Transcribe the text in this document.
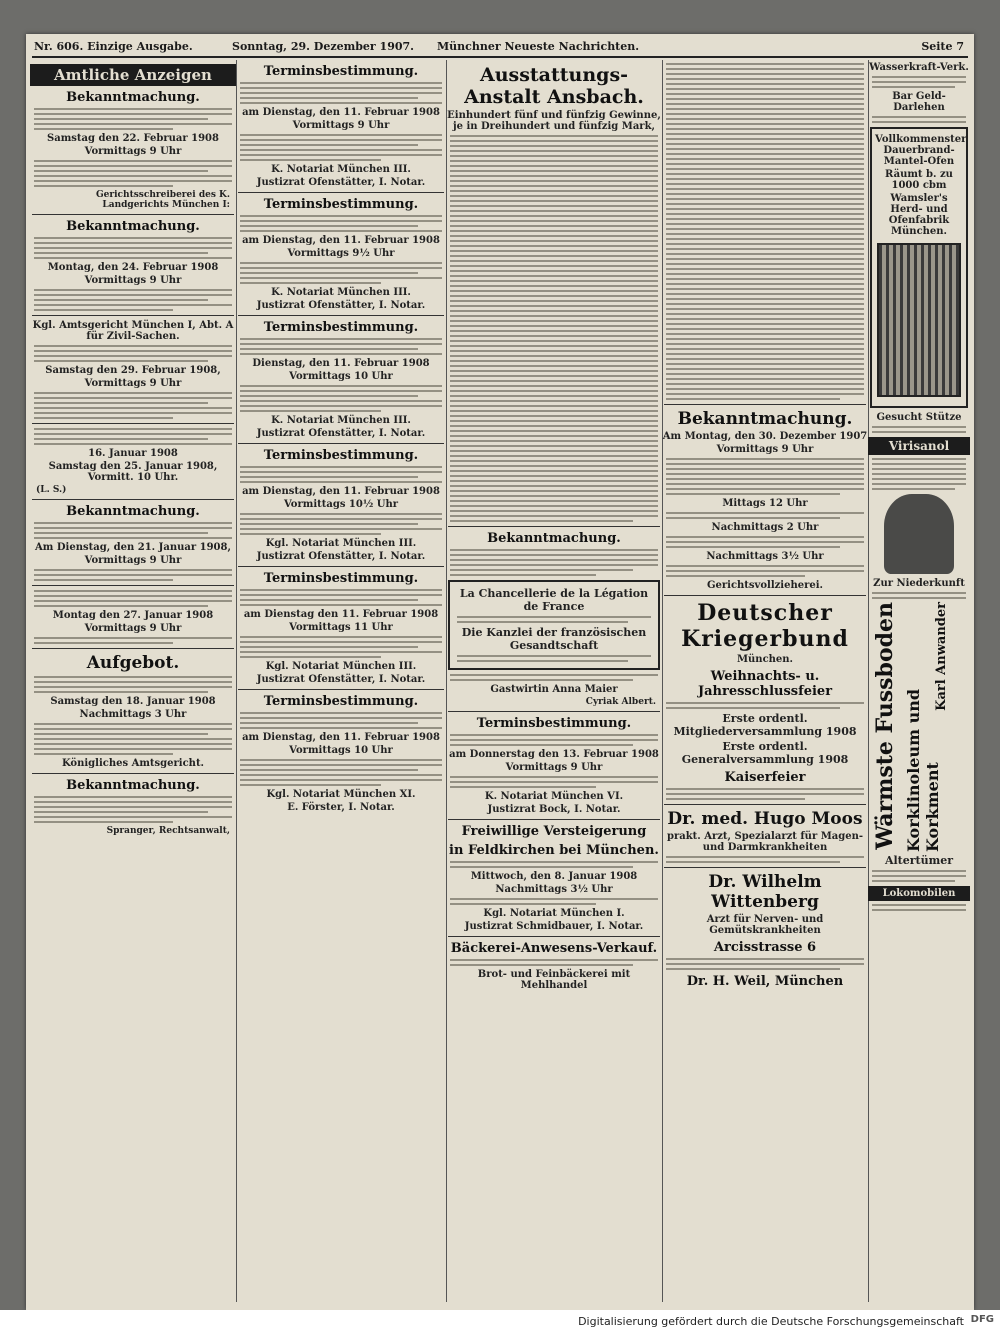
Nr. 606. Einzige Ausgabe.	Sonntag, 29. Dezember 1907. Münchner Neueste Nachrichten.	Seite 7
Amtliche Anzeigen
Bekanntmachung.
Samstag den 22. Februar 1908
Vormittags 9 Uhr
Gerichtsschreiberei des K. Landgerichts München I:
Bekanntmachung.
Montag, den 24. Februar 1908
Vormittags 9 Uhr
Kgl. Amtsgericht München I, Abt. A für Zivil-Sachen.
Samstag den 29. Februar 1908,
Vormittags 9 Uhr
16. Januar 1908
Samstag den 25. Januar 1908, Vormitt. 10 Uhr.
(L. S.)
Bekanntmachung.
Am Dienstag, den 21. Januar 1908,
Vormittags 9 Uhr
Montag den 27. Januar 1908
Vormittags 9 Uhr
Aufgebot.
Samstag den 18. Januar 1908
Nachmittags 3 Uhr
Königliches Amtsgericht.
Bekanntmachung.
Spranger, Rechtsanwalt,
Terminsbestimmung.
am Dienstag, den 11. Februar 1908
Vormittags 9 Uhr
K. Notariat München III.
Justizrat Ofenstätter, I. Notar.
Terminsbestimmung.
am Dienstag, den 11. Februar 1908
Vormittags 9½ Uhr
K. Notariat München III.
Justizrat Ofenstätter, I. Notar.
Terminsbestimmung.
Dienstag, den 11. Februar 1908
Vormittags 10 Uhr
K. Notariat München III.
Justizrat Ofenstätter, I. Notar.
Terminsbestimmung.
am Dienstag, den 11. Februar 1908
Vormittags 10½ Uhr
Kgl. Notariat München III.
Justizrat Ofenstätter, I. Notar.
Terminsbestimmung.
am Dienstag den 11. Februar 1908
Vormittags 11 Uhr
Kgl. Notariat München III.
Justizrat Ofenstätter, I. Notar.
Terminsbestimmung.
am Dienstag, den 11. Februar 1908
Vormittags 10 Uhr
Kgl. Notariat München XI.
E. Förster, I. Notar.
Ausstattungs-Anstalt Ansbach.
Einhundert fünf und fünfzig Gewinne, je in Dreihundert und fünfzig Mark,
Bekanntmachung.
La Chancellerie de la Légation de France
Die Kanzlei der französischen Gesandtschaft
Gastwirtin Anna Maier
Cyriak Albert.
Terminsbestimmung.
am Donnerstag den 13. Februar 1908
Vormittags 9 Uhr
K. Notariat München VI.
Justizrat Bock, I. Notar.
Freiwillige Versteigerung
in Feldkirchen bei München.
Mittwoch, den 8. Januar 1908
Nachmittags 3½ Uhr
Kgl. Notariat München I.
Justizrat Schmidbauer, I. Notar.
Bäckerei-Anwesens-Verkauf.
Brot- und Feinbäckerei mit Mehlhandel
Bekanntmachung.
Am Montag, den 30. Dezember 1907
Vormittags 9 Uhr
Mittags 12 Uhr
Nachmittags 2 Uhr
Nachmittags 3½ Uhr
Gerichtsvollzieherei.
Deutscher Kriegerbund
München.
Weihnachts- u. Jahresschlussfeier
Erste ordentl. Mitgliederversammlung 1908
Erste ordentl. Generalversammlung 1908
Kaiserfeier
Dr. med. Hugo Moos
prakt. Arzt, Spezialarzt für Magen- und Darmkrankheiten
Dr. Wilhelm Wittenberg
Arzt für Nerven- und Gemütskrankheiten
Arcisstrasse 6
Dr. H. Weil, München
Wasserkraft-Verk.
Bar Geld-Darlehen
Vollkommenster Dauerbrand-Mantel-Ofen
Räumt b. zu 1000 cbm
Wamsler's Herd- und Ofenfabrik München.
Gesucht Stütze
Virisanol
Zur Niederkunft
Wärmste Fussboden Korklinoleum und Korkment
Karl Anwander
Altertümer
Lokomobilen
Digitalisierung gefördert durch die Deutsche Forschungsgemeinschaft DFG
